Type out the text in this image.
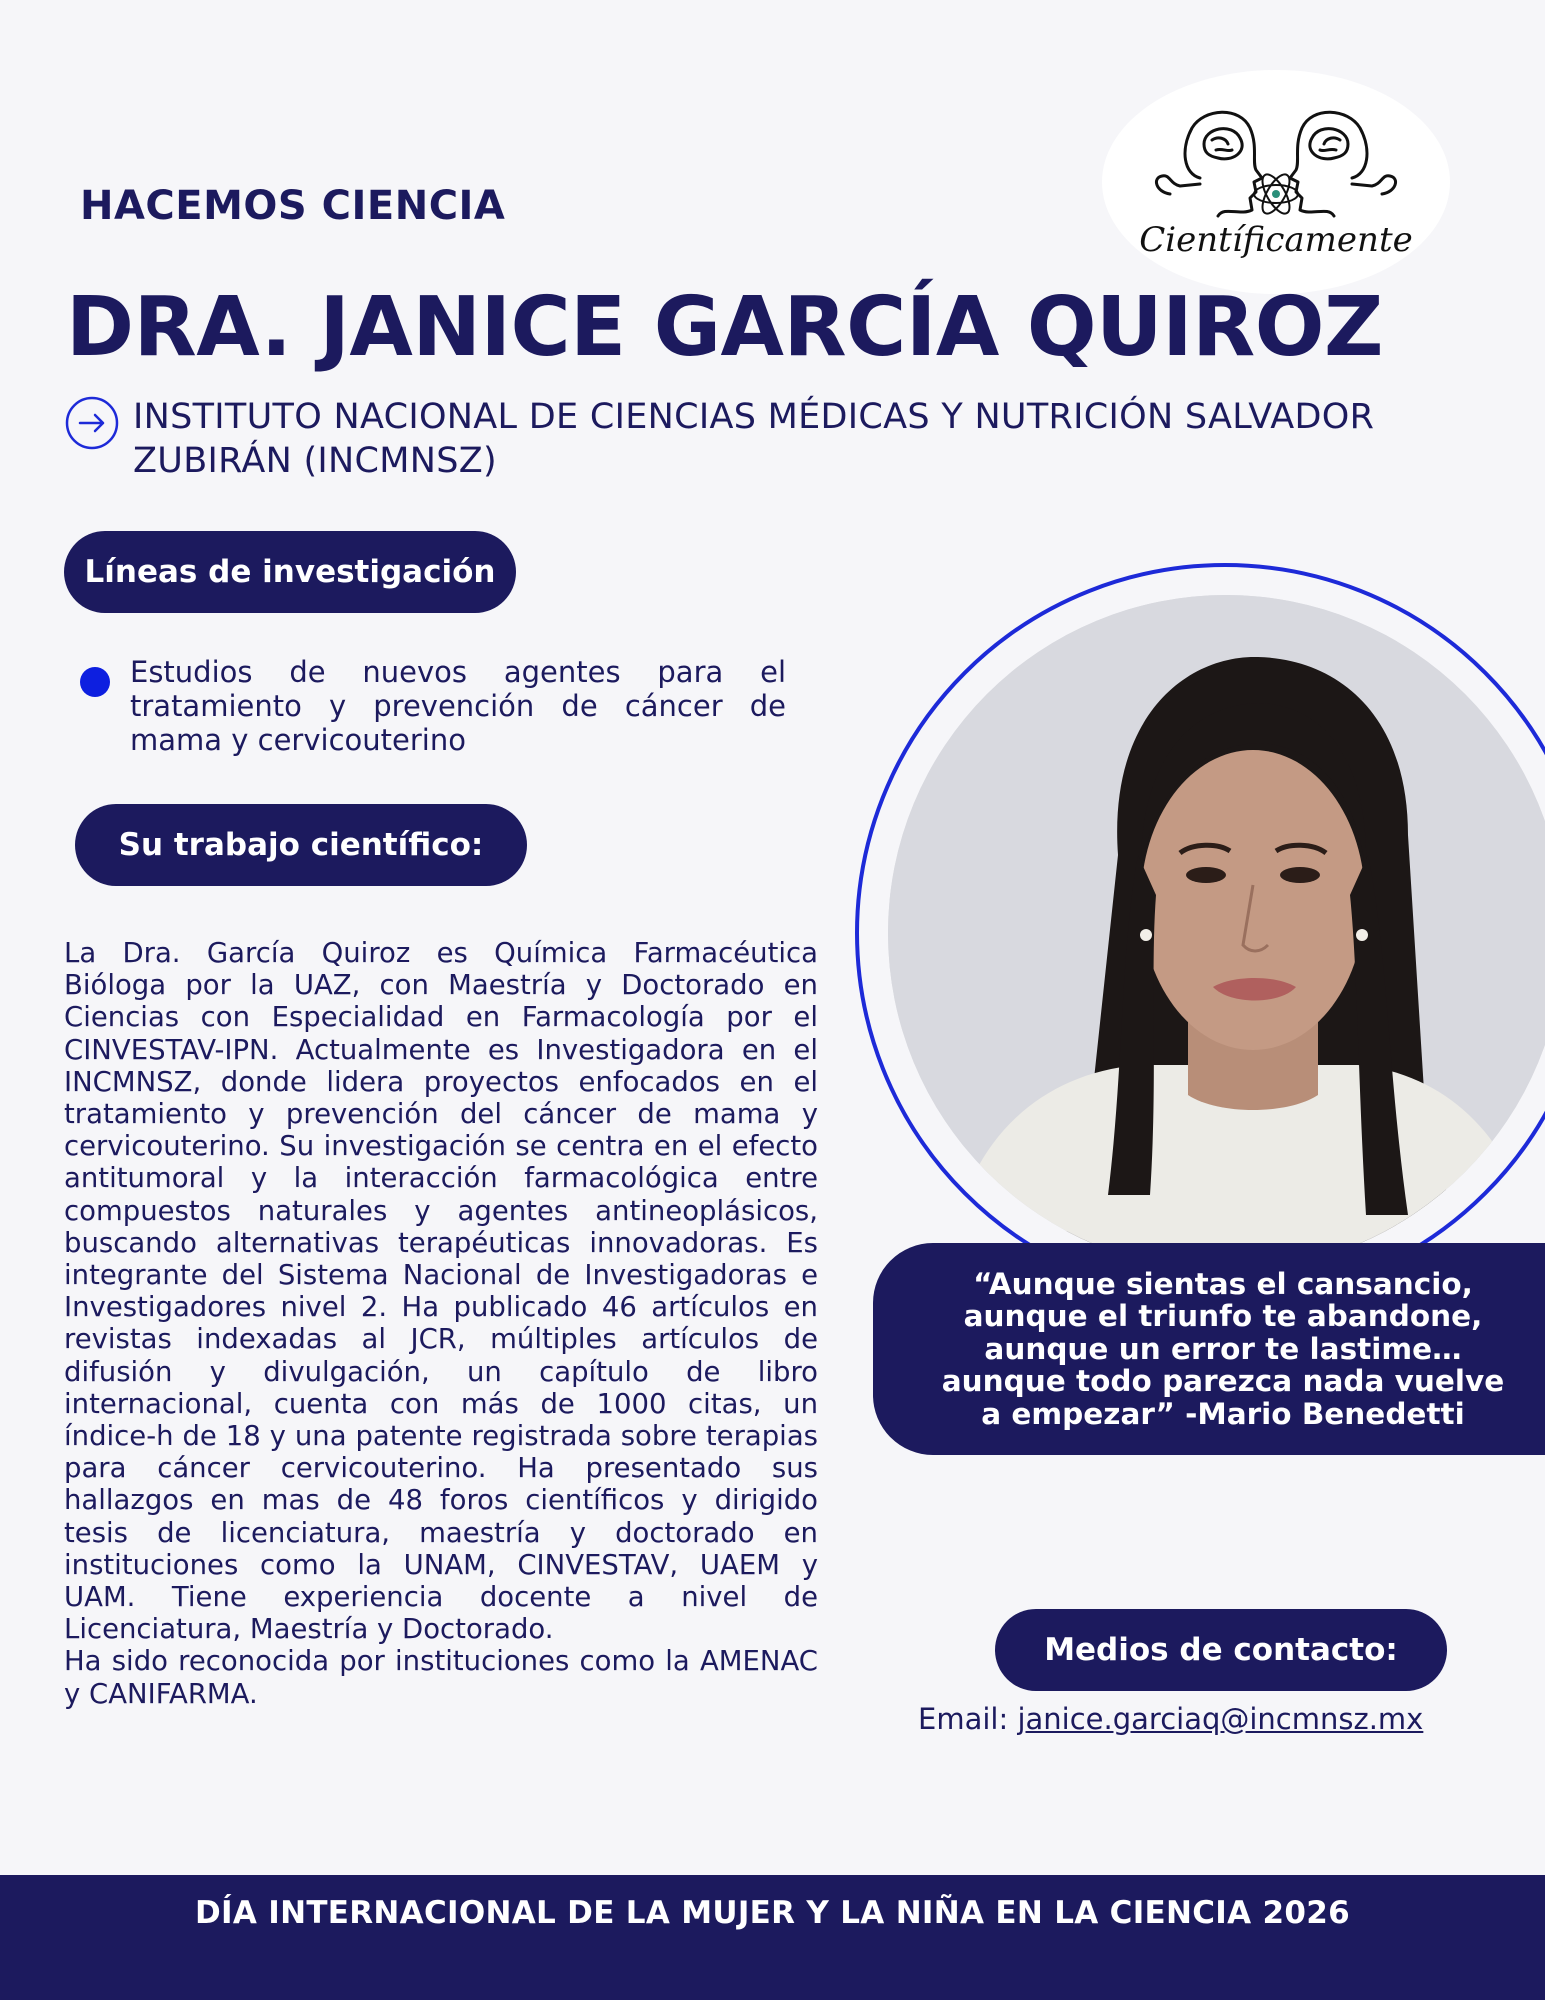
Científicamente
HACEMOS CIENCIA
DRA. JANICE GARCÍA QUIROZ
INSTITUTO NACIONAL DE CIENCIAS MÉDICAS Y NUTRICIÓN SALVADOR ZUBIRÁN (INCMNSZ)
Líneas de investigación
Estudios de nuevos agentes para el tratamiento y prevención de cáncer de mama y cervicouterino
Su trabajo científico:
La Dra. García Quiroz es Química Farmacéutica Bióloga por la UAZ, con Maestría y Doctorado en Ciencias con Especialidad en Farmacología por el CINVESTAV-IPN. Actualmente es Investigadora en el INCMNSZ, donde lidera proyectos enfocados en el tratamiento y prevención del cáncer de mama y cervicouterino. Su investigación se centra en el efecto antitumoral y la interacción farmacológica entre compuestos naturales y agentes antineoplásicos, buscando alternativas terapéuticas innovadoras. Es integrante del Sistema Nacional de Investigadoras e Investigadores nivel 2. Ha publicado 46 artículos en revistas indexadas al JCR, múltiples artículos de difusión y divulgación, un capítulo de libro internacional, cuenta con más de 1000 citas, un índice-h de 18 y una patente registrada sobre terapias para cáncer cervicouterino. Ha presentado sus hallazgos en mas de 48 foros científicos y dirigido tesis de licenciatura, maestría y doctorado en instituciones como la UNAM, CINVESTAV, UAEM y UAM. Tiene experiencia docente a nivel de Licenciatura, Maestría y Doctorado.
Ha sido reconocida por instituciones como la AMENAC y CANIFARMA.
“Aunque sientas el cansancio,
aunque el triunfo te abandone,
aunque un error te lastime…
aunque todo parezca nada vuelve
a empezar” -Mario Benedetti
Medios de contacto:
Email: janice.garciaq@incmnsz.mx
DÍA INTERNACIONAL DE LA MUJER Y LA NIÑA EN LA CIENCIA 2026
